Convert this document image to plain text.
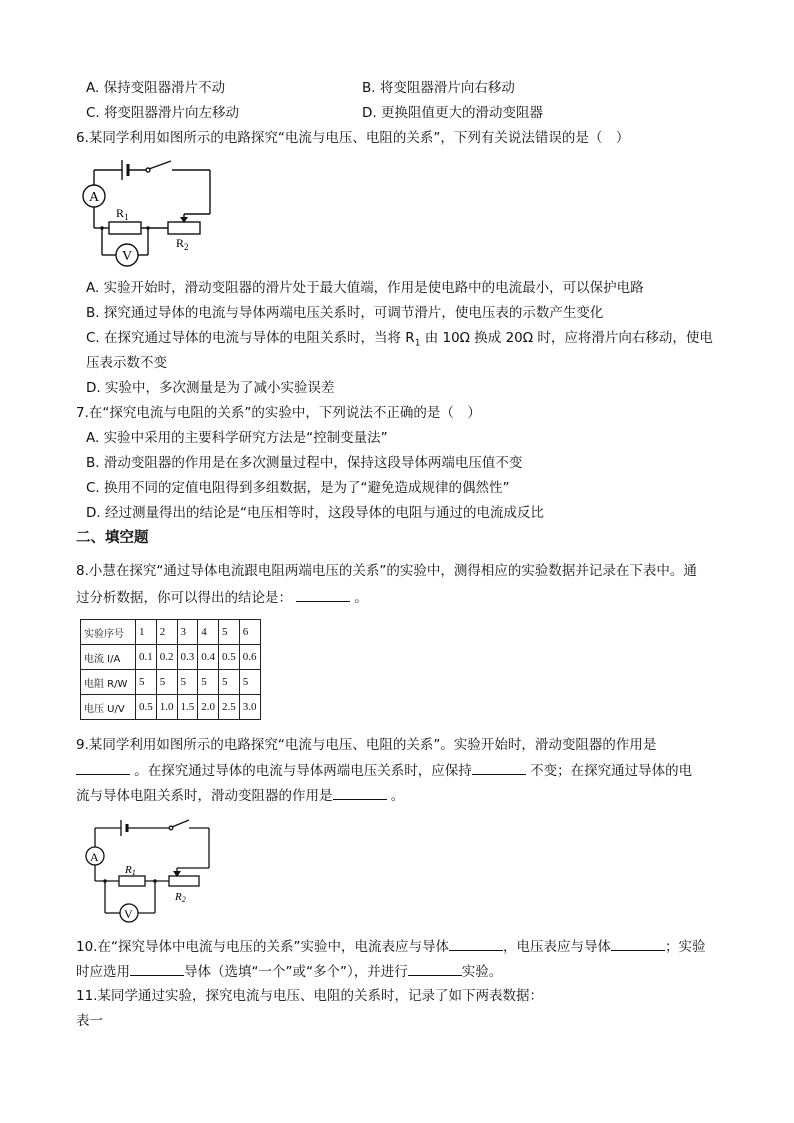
A. 保持变阻器滑片不动	B. 将变阻器滑片向右移动
C. 将变阻器滑片向左移动	D. 更换阻值更大的滑动变阻器
6.某同学利用如图所示的电路探究“电流与电压、电阻的关系”，下列有关说法错误的是（　）
A
V
$R_1$
$R_2$
A. 实验开始时，滑动变阻器的滑片处于最大值端，作用是使电路中的电流最小，可以保护电路
B. 探究通过导体的电流与导体两端电压关系时，可调节滑片，使电压表的示数产生变化
C. 在探究通过导体的电流与导体的电阻关系时，当将 $R_1$ 由 10Ω 换成 20Ω 时，应将滑片向右移动，使电
压表示数不变
D. 实验中，多次测量是为了减小实验误差
7.在“探究电流与电阻的关系”的实验中，下列说法不正确的是（　）
A. 实验中采用的主要科学研究方法是“控制变量法”
B. 滑动变阻器的作用是在多次测量过程中，保持这段导体两端电压值不变
C. 换用不同的定值电阻得到多组数据，是为了“避免造成规律的偶然性”
D. 经过测量得出的结论是“电压相等时，这段导体的电阻与通过的电流成反比
二、填空题
8.小慧在探究“通过导体电流跟电阻两端电压的关系”的实验中，测得相应的实验数据并记录在下表中。通
过分析数据，你可以得出的结论是：	。
实验序号	1	2	3	4	5	6
电流 I/A	0.1	0.2	0.3	0.4	0.5	0.6
电阻 R/W	5	5	5	5	5	5
电压 U/V	0.5	1.0	1.5	2.0	2.5	3.0
9.某同学利用如图所示的电路探究“电流与电压、电阻的关系”。实验开始时，滑动变阻器的作用是
。在探究通过导体的电流与导体两端电压关系时，应保持	不变；在探究通过导体的电
流与导体电阻关系时，滑动变阻器的作用是	。
A
V
R1
R2
10.在“探究导体中电流与电压的关系”实验中，电流表应与导体	，电压表应与导体	；实验
时应选用	导体（选填“一个”或“多个”），并进行	实验。
11.某同学通过实验，探究电流与电压、电阻的关系时，记录了如下两表数据：
表一
